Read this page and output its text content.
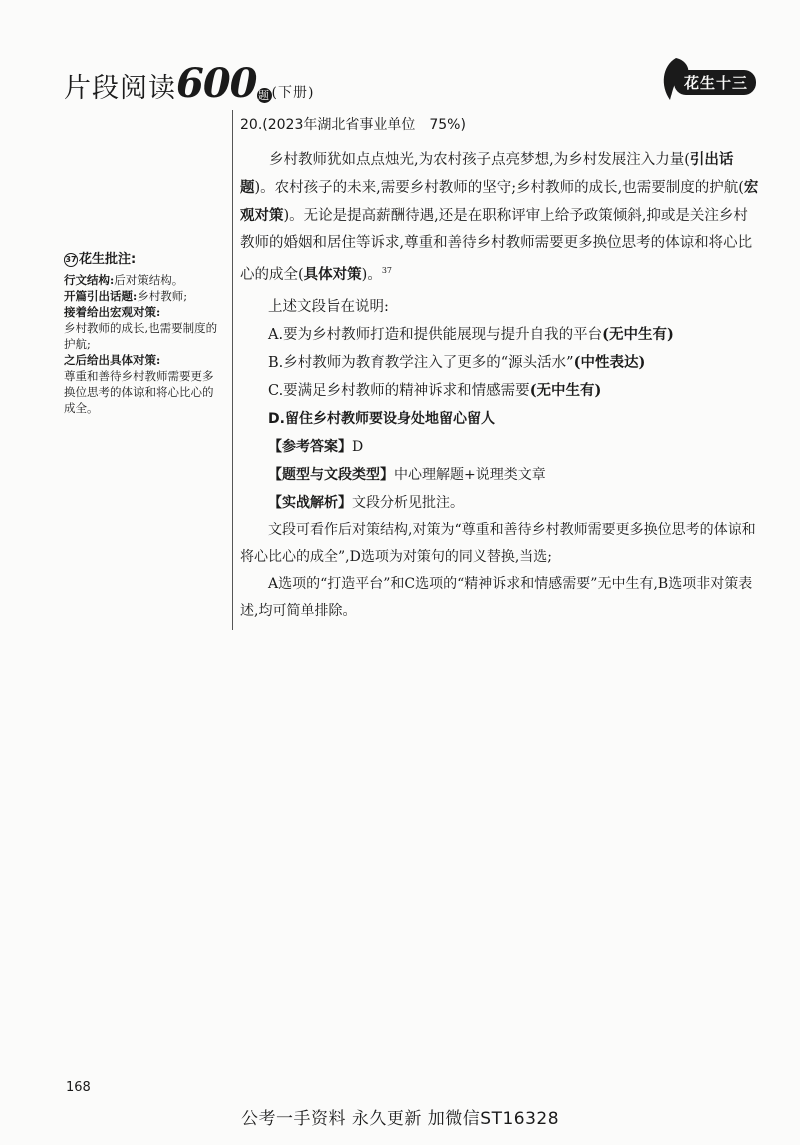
片段阅读600 题 (下册)
花生十三
37 花生批注:

行文结构:后对策结构。

开篇引出话题:乡村教师;

接着给出宏观对策:

乡村教师的成长,也需要制度的护航;

之后给出具体对策:

尊重和善待乡村教师需要更多换位思考的体谅和将心比心的成全。

20.(2023年湖北省事业单位　75%)

乡村教师犹如点点烛光,为农村孩子点亮梦想,为乡村发展注入力量(引出话题)。农村孩子的未来,需要乡村教师的坚守;乡村教师的成长,也需要制度的护航(宏观对策)。无论是提高薪酬待遇,还是在职称评审上给予政策倾斜,抑或是关注乡村教师的婚姻和居住等诉求,尊重和善待乡村教师需要更多换位思考的体谅和将心比心的成全(具体对策)。$^{37}$

上述文段旨在说明:

A.要为乡村教师打造和提供能展现与提升自我的平台(无中生有)

B.乡村教师为教育教学注入了更多的“源头活水”(中性表达)

C.要满足乡村教师的精神诉求和情感需要(无中生有)

D.留住乡村教师要设身处地留心留人

【参考答案】D

【题型与文段类型】中心理解题+说理类文章

【实战解析】文段分析见批注。

文段可看作后对策结构,对策为“尊重和善待乡村教师需要更多换位思考的体谅和将心比心的成全”,D选项为对策句的同义替换,当选;

A选项的“打造平台”和C选项的“精神诉求和情感需要”无中生有,B选项非对策表述,均可简单排除。

168
公考一手资料 永久更新 加微信ST16328
